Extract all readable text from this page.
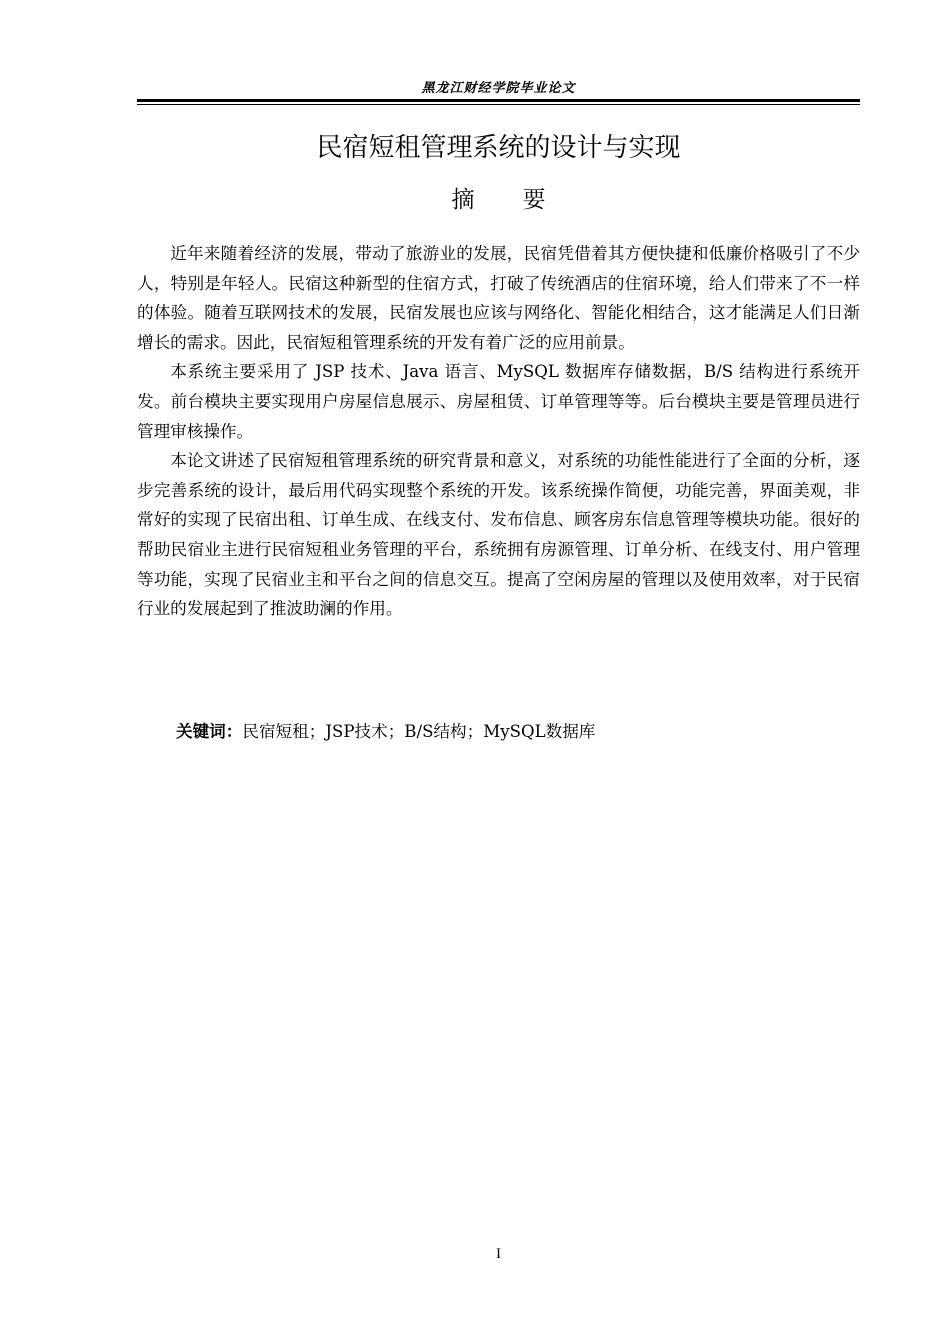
黑龙江财经学院毕业论文
民宿短租管理系统的设计与实现
摘 要

近年来随着经济的发展，带动了旅游业的发展，民宿凭借着其方便快捷和低廉价格吸引了不少人，特别是年轻人。民宿这种新型的住宿方式，打破了传统酒店的住宿环境，给人们带来了不一样的体验。随着互联网技术的发展，民宿发展也应该与网络化、智能化相结合，这才能满足人们日渐增长的需求。因此，民宿短租管理系统的开发有着广泛的应用前景。

本系统主要采用了 JSP 技术、Java 语言、MySQL 数据库存储数据，B/S 结构进行系统开发。前台模块主要实现用户房屋信息展示、房屋租赁、订单管理等等。后台模块主要是管理员进行管理审核操作。

本论文讲述了民宿短租管理系统的研究背景和意义，对系统的功能性能进行了全面的分析，逐步完善系统的设计，最后用代码实现整个系统的开发。该系统操作简便，功能完善，界面美观，非常好的实现了民宿出租、订单生成、在线支付、发布信息、顾客房东信息管理等模块功能。很好的帮助民宿业主进行民宿短租业务管理的平台，系统拥有房源管理、订单分析、在线支付、用户管理等功能，实现了民宿业主和平台之间的信息交互。提高了空闲房屋的管理以及使用效率，对于民宿行业的发展起到了推波助澜的作用。

关键词：民宿短租；JSP技术；B/S结构；MySQL数据库
I
